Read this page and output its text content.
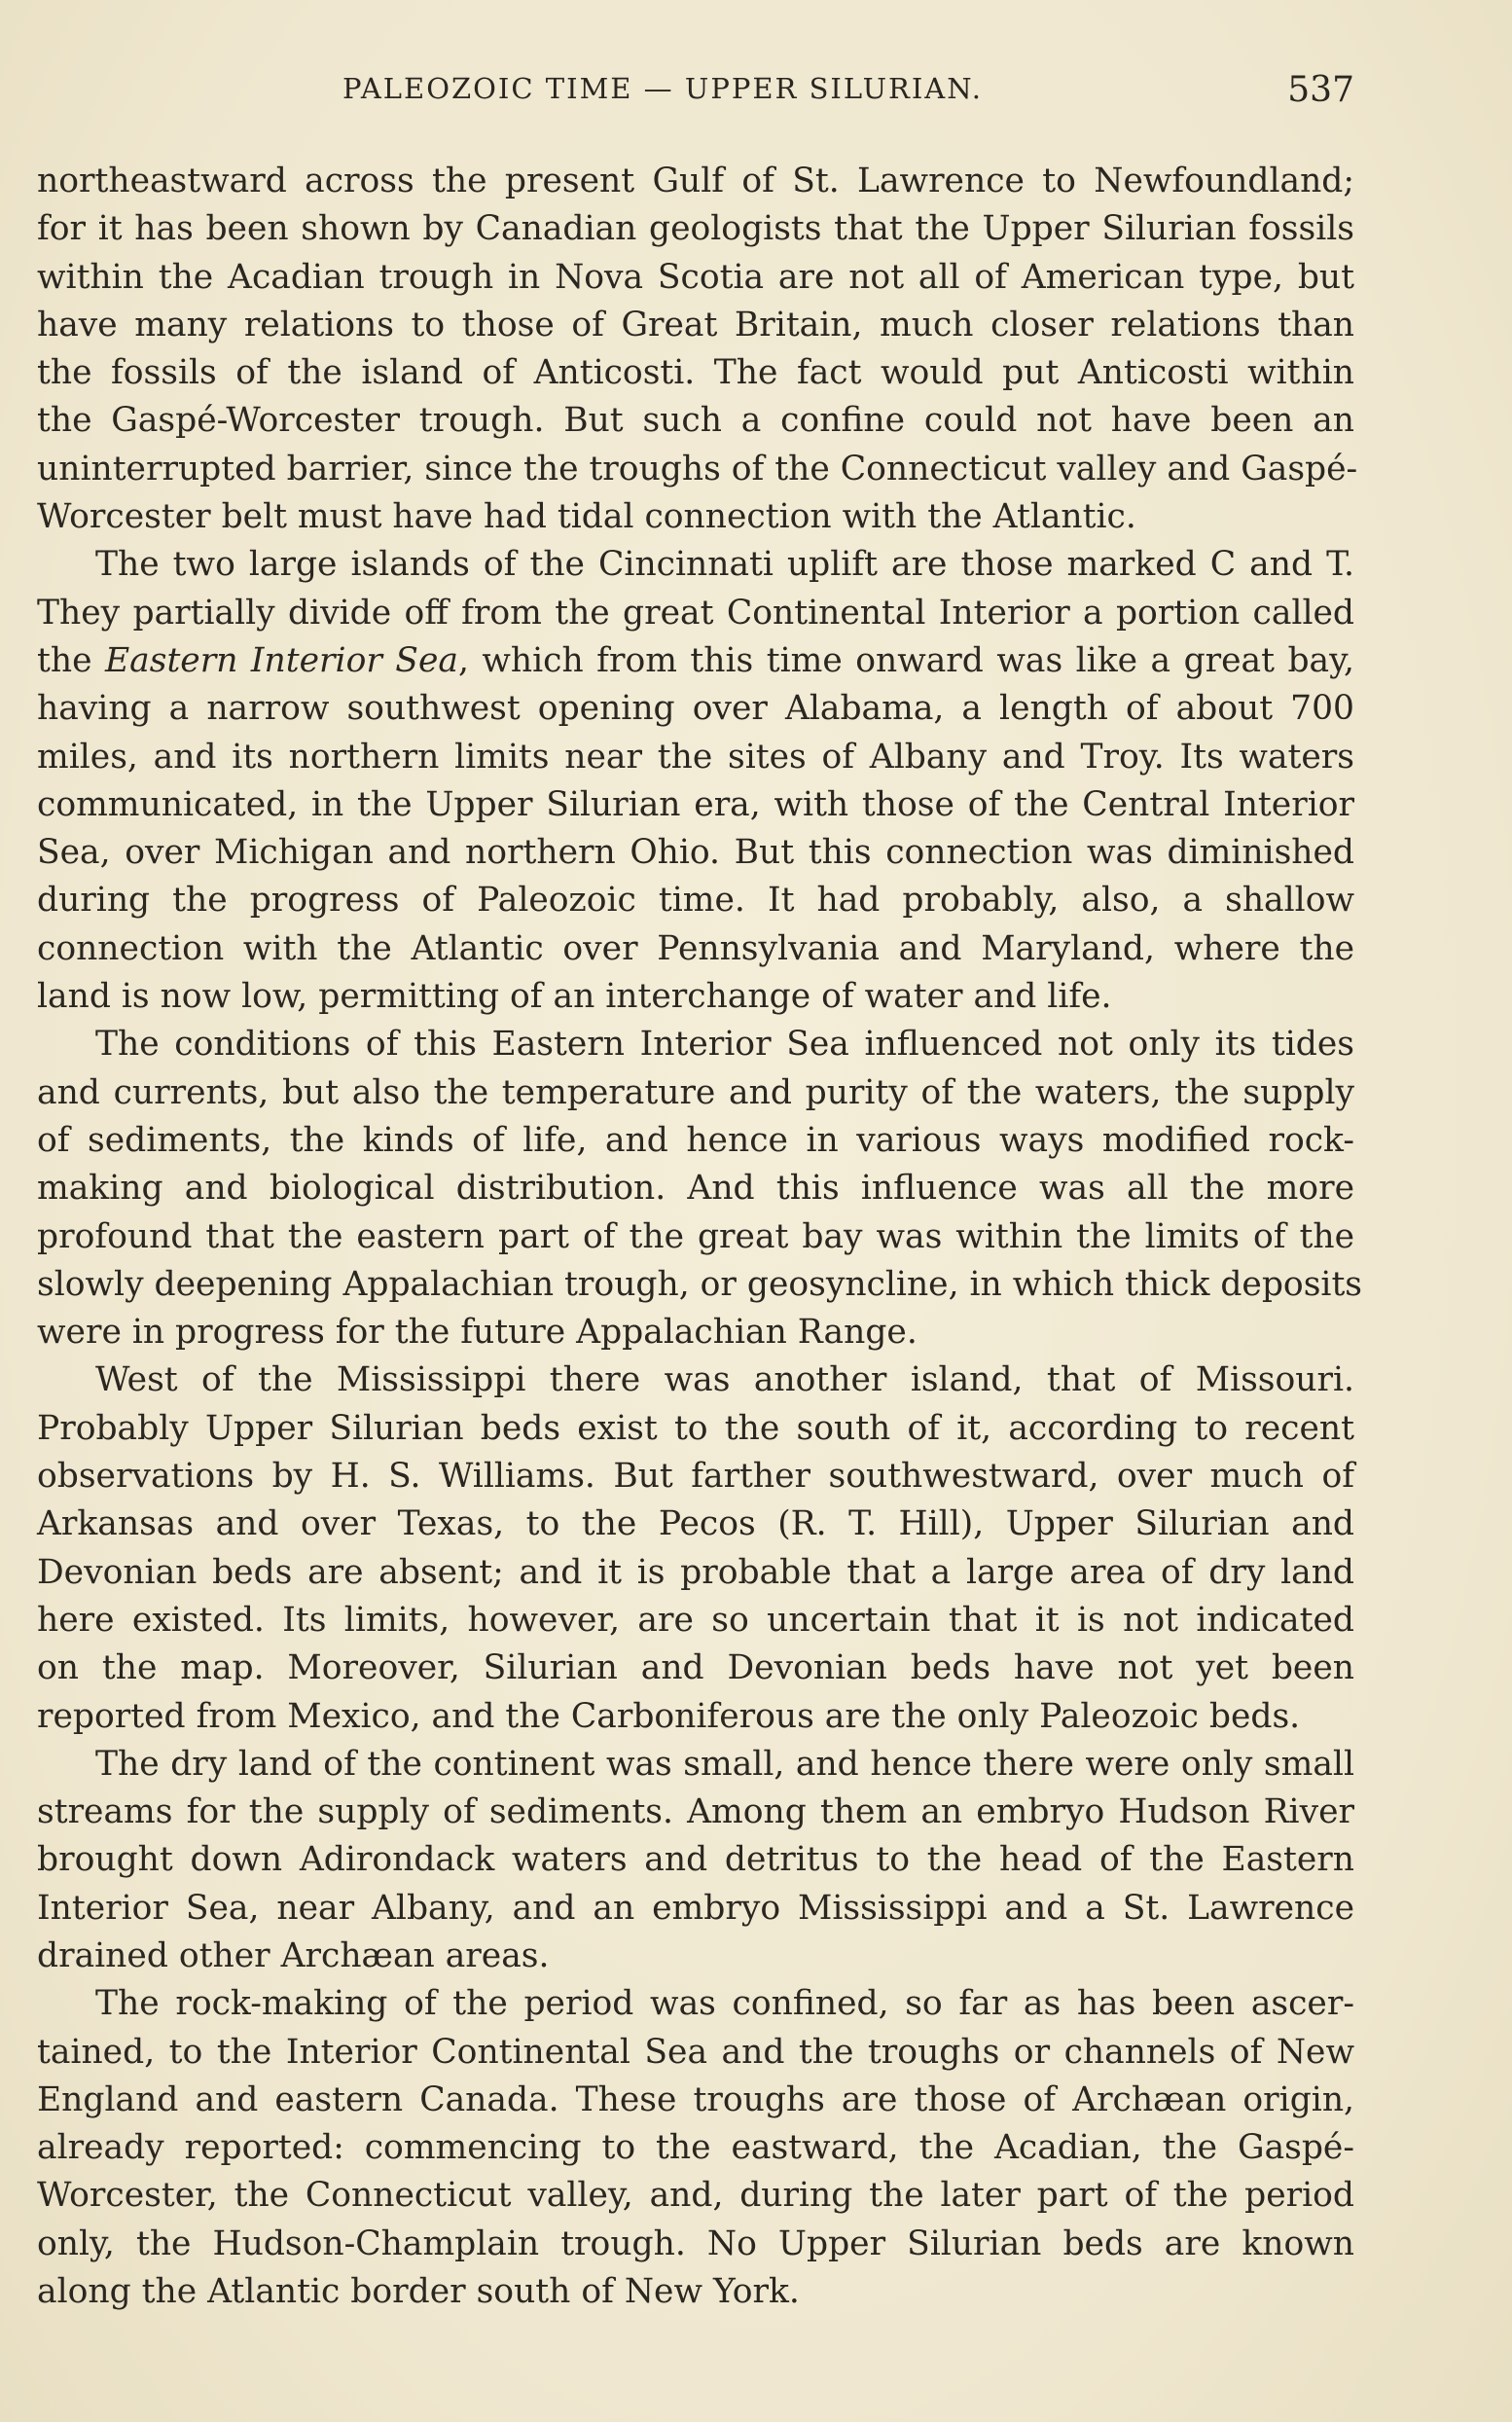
PALEOZOIC TIME — UPPER SILURIAN.	537
northeastward across the present Gulf of St. Lawrence to Newfoundland;
for it has been shown by Canadian geologists that the Upper Silurian fossils
within the Acadian trough in Nova Scotia are not all of American type, but
have many relations to those of Great Britain, much closer relations than
the fossils of the island of Anticosti. The fact would put Anticosti within
the Gaspé-Worcester trough. But such a confine could not have been an
uninterrupted barrier, since the troughs of the Connecticut valley and Gaspé-
Worcester belt must have had tidal connection with the Atlantic.
The two large islands of the Cincinnati uplift are those marked C and T.
They partially divide off from the great Continental Interior a portion called
the Eastern Interior Sea, which from this time onward was like a great bay,
having a narrow southwest opening over Alabama, a length of about 700
miles, and its northern limits near the sites of Albany and Troy. Its waters
communicated, in the Upper Silurian era, with those of the Central Interior
Sea, over Michigan and northern Ohio. But this connection was diminished
during the progress of Paleozoic time. It had probably, also, a shallow
connection with the Atlantic over Pennsylvania and Maryland, where the
land is now low, permitting of an interchange of water and life.
The conditions of this Eastern Interior Sea influenced not only its tides
and currents, but also the temperature and purity of the waters, the supply
of sediments, the kinds of life, and hence in various ways modified rock-
making and biological distribution. And this influence was all the more
profound that the eastern part of the great bay was within the limits of the
slowly deepening Appalachian trough, or geosyncline, in which thick deposits
were in progress for the future Appalachian Range.
West of the Mississippi there was another island, that of Missouri.
Probably Upper Silurian beds exist to the south of it, according to recent
observations by H. S. Williams. But farther southwestward, over much of
Arkansas and over Texas, to the Pecos (R. T. Hill), Upper Silurian and
Devonian beds are absent; and it is probable that a large area of dry land
here existed. Its limits, however, are so uncertain that it is not indicated
on the map. Moreover, Silurian and Devonian beds have not yet been
reported from Mexico, and the Carboniferous are the only Paleozoic beds.
The dry land of the continent was small, and hence there were only small
streams for the supply of sediments. Among them an embryo Hudson River
brought down Adirondack waters and detritus to the head of the Eastern
Interior Sea, near Albany, and an embryo Mississippi and a St. Lawrence
drained other Archæan areas.
The rock-making of the period was confined, so far as has been ascer-
tained, to the Interior Continental Sea and the troughs or channels of New
England and eastern Canada. These troughs are those of Archæan origin,
already reported: commencing to the eastward, the Acadian, the Gaspé-
Worcester, the Connecticut valley, and, during the later part of the period
only, the Hudson-Champlain trough. No Upper Silurian beds are known
along the Atlantic border south of New York.
